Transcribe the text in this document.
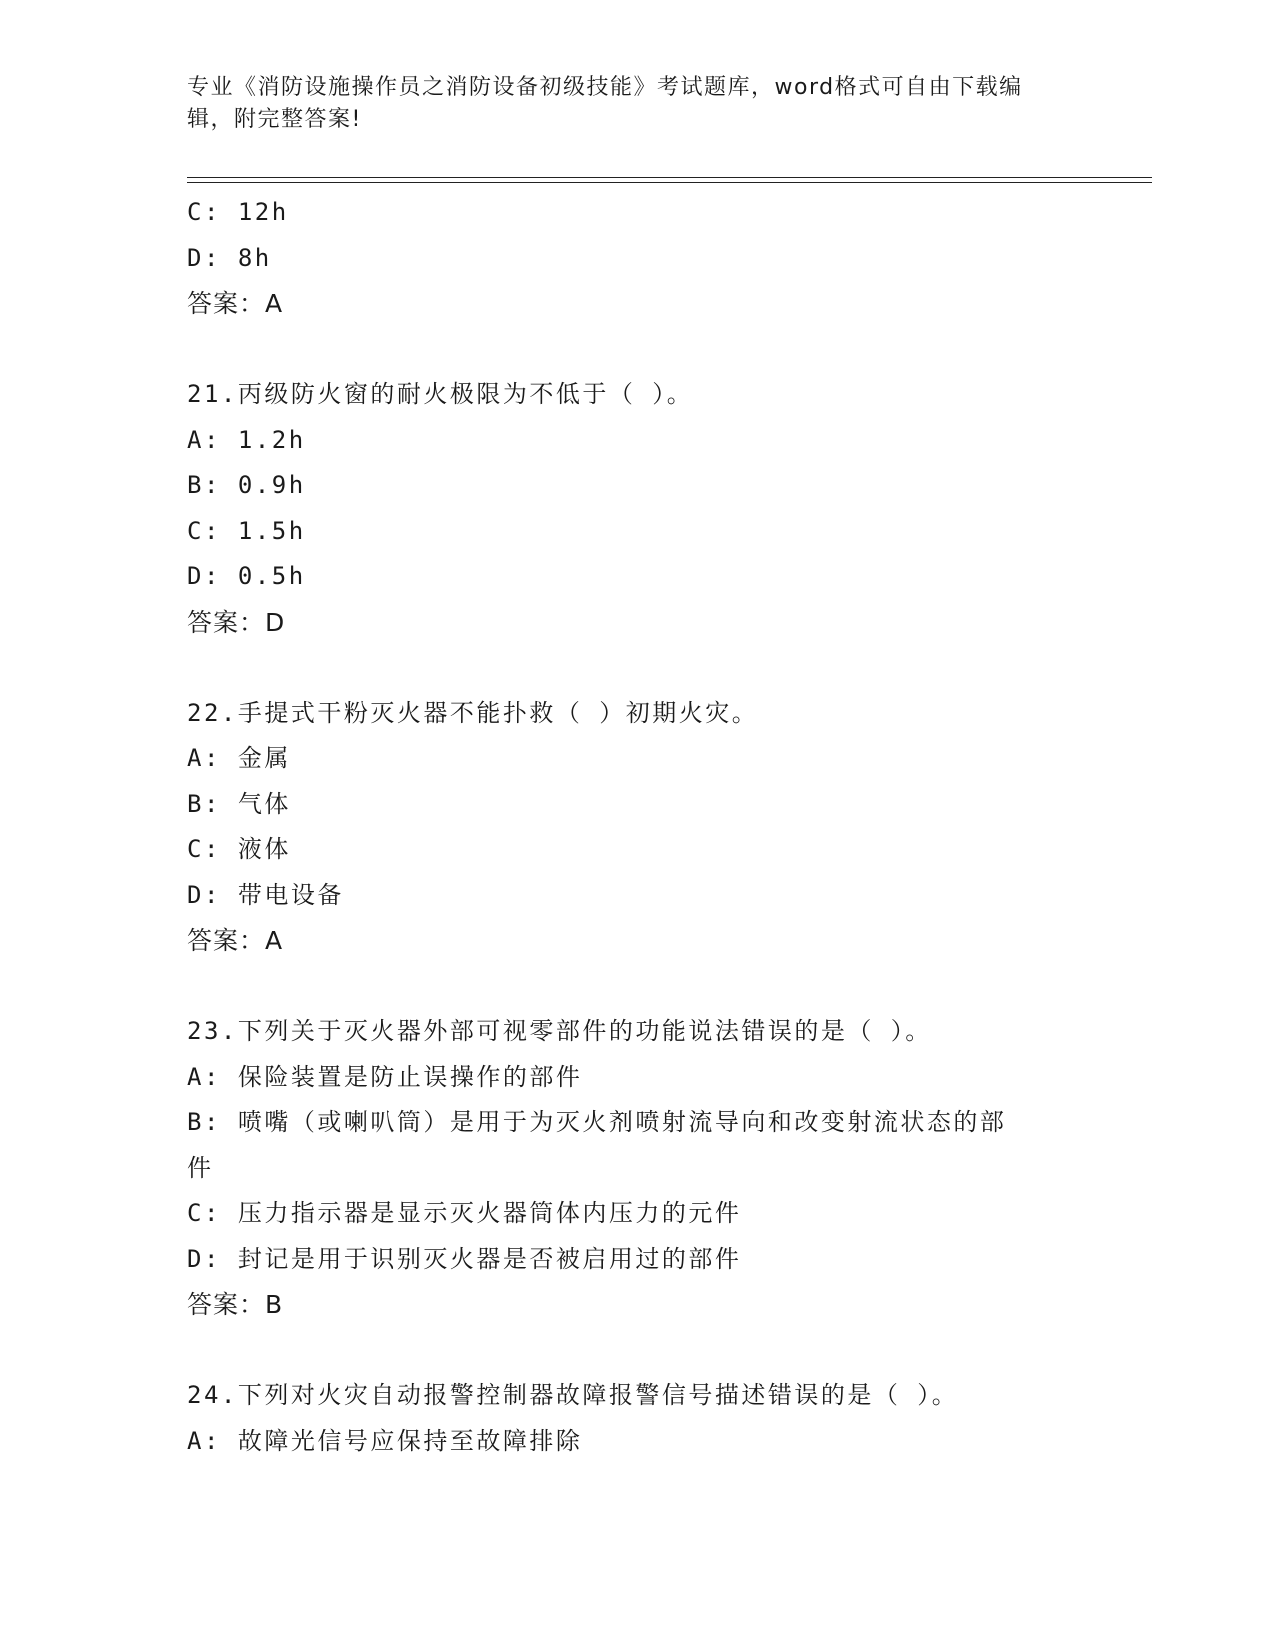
专业《消防设施操作员之消防设备初级技能》考试题库，word格式可自由下载编
辑，附完整答案!
C: 12h
D: 8h
答案：A
21.丙级防火窗的耐火极限为不低于（ ）。
A: 1.2h
B: 0.9h
C: 1.5h
D: 0.5h
答案：D
22.手提式干粉灭火器不能扑救（ ）初期火灾。
A: 金属
B: 气体
C: 液体
D: 带电设备
答案：A
23.下列关于灭火器外部可视零部件的功能说法错误的是（ ）。
A: 保险装置是防止误操作的部件
B: 喷嘴（或喇叭筒）是用于为灭火剂喷射流导向和改变射流状态的部
件
C: 压力指示器是显示灭火器筒体内压力的元件
D: 封记是用于识别灭火器是否被启用过的部件
答案：B
24.下列对火灾自动报警控制器故障报警信号描述错误的是（ ）。
A: 故障光信号应保持至故障排除
